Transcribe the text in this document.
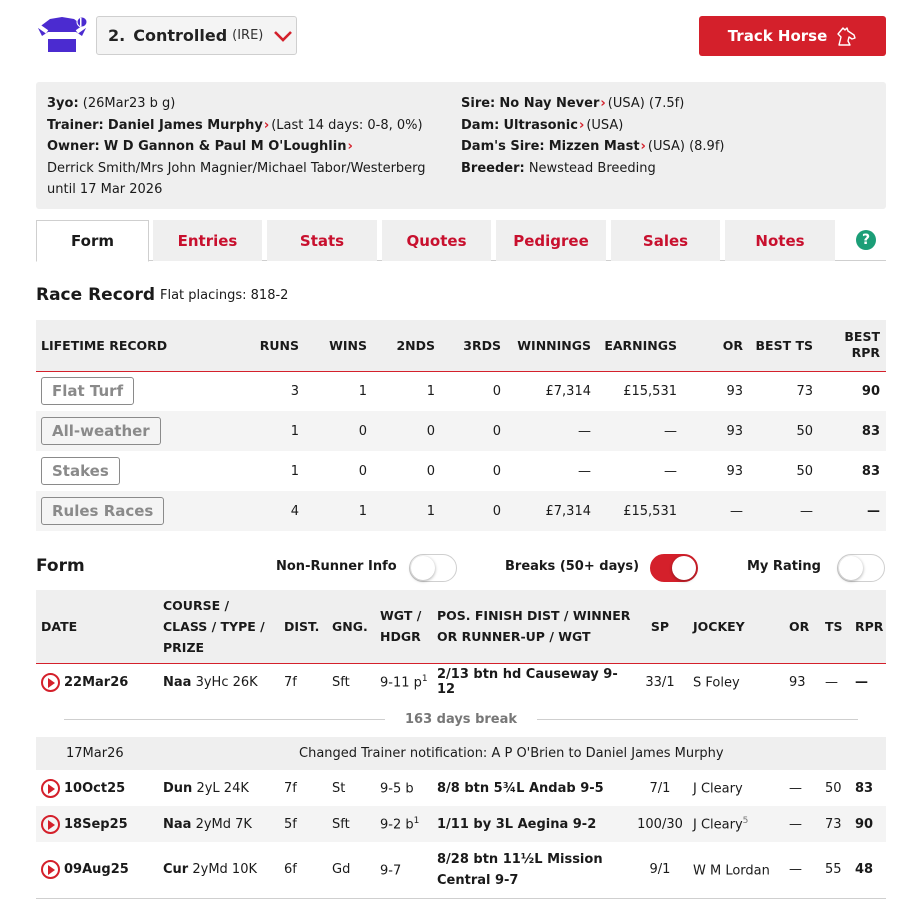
2. Controlled (IRE)	Track Horse
3yo: (26Mar23 b g)
Trainer: Daniel James Murphy› (Last 14 days: 0-8, 0%)
Owner: W D Gannon & Paul M O'Loughlin›
Derrick Smith/Mrs John Magnier/Michael Tabor/Westerberg
until 17 Mar 2026
Sire: No Nay Never› (USA) (7.5f)
Dam: Ultrasonic› (USA)
Dam's Sire: Mizzen Mast› (USA) (8.9f)
Breeder: Newstead Breeding
Form	Entries	Stats	Quotes	Pedigree	Sales	Notes	?
Race Record Flat placings: 818-2
LIFETIME RECORD	RUNS	WINS	2NDS	3RDS	WINNINGS	EARNINGS	OR	BEST TS	BEST
RPR
Flat Turf	3	1	1	0	£7,314	£15,531	93	73	90
All-weather	1	0	0	0	—	—	93	50	83
Stakes	1	0	0	0	—	—	93	50	83
Rules Races	4	1	1	0	£7,314	£15,531	—	—	—
Form	Non-Runner Info	Breaks (50+ days)	My Rating
DATE	COURSE /
CLASS / TYPE /
PRIZE	DIST.	GNG.	WGT /
HDGR	POS. FINISH DIST / WINNER
OR RUNNER-UP / WGT	SP	JOCKEY	OR	TS	RPR
22Mar26	Naa 3yHc 26K	7f	Sft	9-11 $p^1$	2/13 btn hd Causeway 9-12	33/1	S Foley	93	—	—
163 days break										
17Mar26	Changed Trainer notification: A P O'Brien to Daniel James Murphy									
10Oct25	Dun 2yL 24K	7f	St	9-5 b	8/8 btn 5¾L Andab 9-5	7/1	J Cleary	—	50	83
18Sep25	Naa 2yMd 7K	5f	Sft	9-2 $b^1$	1/11 by 3L Aegina 9-2	100/30	J Cleary$^5$	—	73	90
09Aug25	Cur 2yMd 10K	6f	Gd	9-7	8/28 btn 11½L Mission
Central 9-7	9/1	W M Lordan	—	55	48
